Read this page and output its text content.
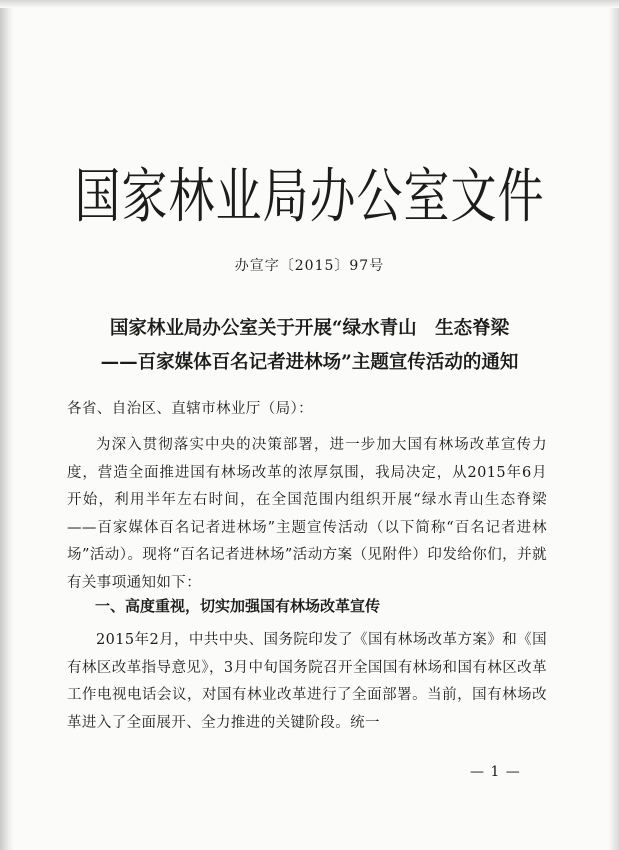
国家林业局办公室文件
办宣字〔2015〕97号
国家林业局办公室关于开展“绿水青山　生态脊梁
——百家媒体百名记者进林场”主题宣传活动的通知
各省、自治区、直辖市林业厅（局）：
为深入贯彻落实中央的决策部署，进一步加大国有林场改革宣传力度，营造全面推进国有林场改革的浓厚氛围，我局决定，从2015年6月开始，利用半年左右时间，在全国范围内组织开展“绿水青山生态脊梁——百家媒体百名记者进林场”主题宣传活动（以下简称“百名记者进林场”活动）。现将“百名记者进林场”活动方案（见附件）印发给你们，并就有关事项通知如下：
一、高度重视，切实加强国有林场改革宣传
2015年2月，中共中央、国务院印发了《国有林场改革方案》和《国有林区改革指导意见》，3月中旬国务院召开全国国有林场和国有林区改革工作电视电话会议，对国有林业改革进行了全面部署。当前，国有林场改革进入了全面展开、全力推进的关键阶段。统一
— 1 —
